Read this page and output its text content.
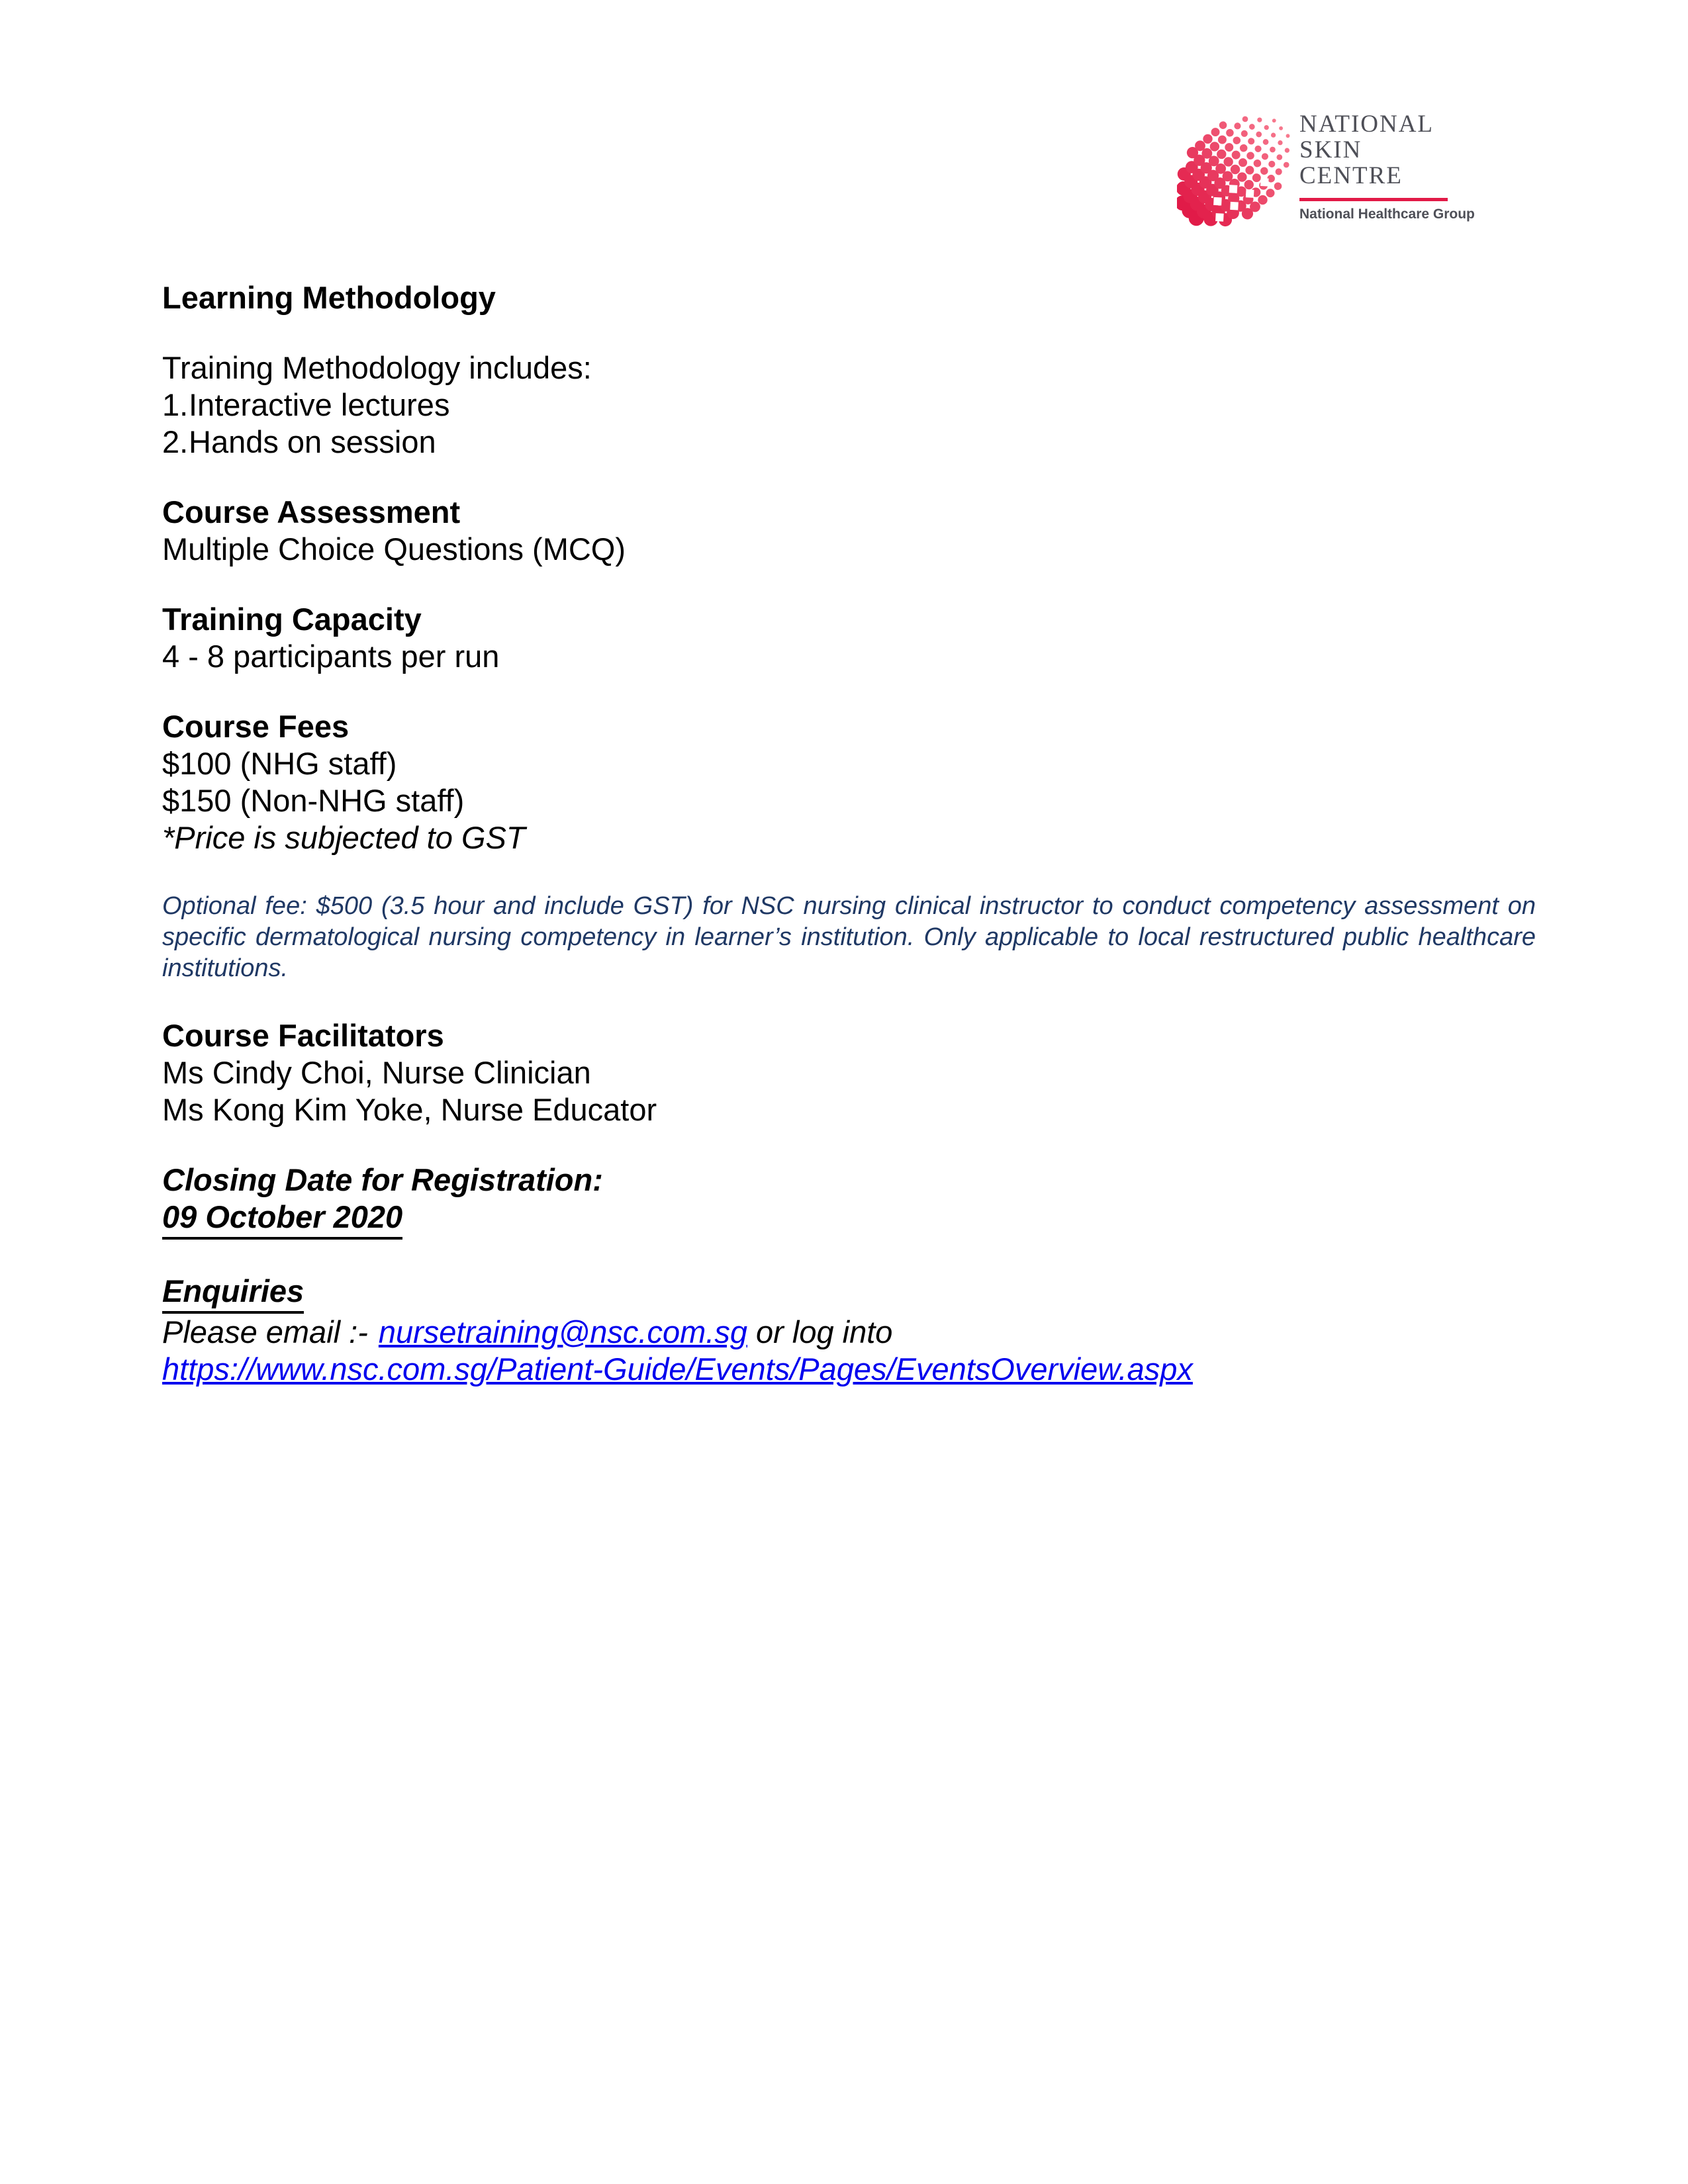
NATIONAL
SKIN
CENTRE
National Healthcare Group
Learning Methodology
Training Methodology includes:
1. Interactive lectures
2. Hands on session
Course Assessment
Multiple Choice Questions (MCQ)
Training Capacity
4 - 8 participants per run
Course Fees
$100 (NHG staff)
$150 (Non-NHG staff)
*Price is subjected to GST
Optional fee: $500 (3.5 hour and include GST) for NSC nursing clinical instructor to conduct competency assessment on specific dermatological nursing competency in learner’s institution. Only applicable to local restructured public healthcare institutions.
Course Facilitators
Ms Cindy Choi, Nurse Clinician
Ms Kong Kim Yoke, Nurse Educator
Closing Date for Registration:
09 October 2020
Enquiries
Please email :- nursetraining@nsc.com.sg or log into
https://www.nsc.com.sg/Patient-Guide/Events/Pages/EventsOverview.aspx
